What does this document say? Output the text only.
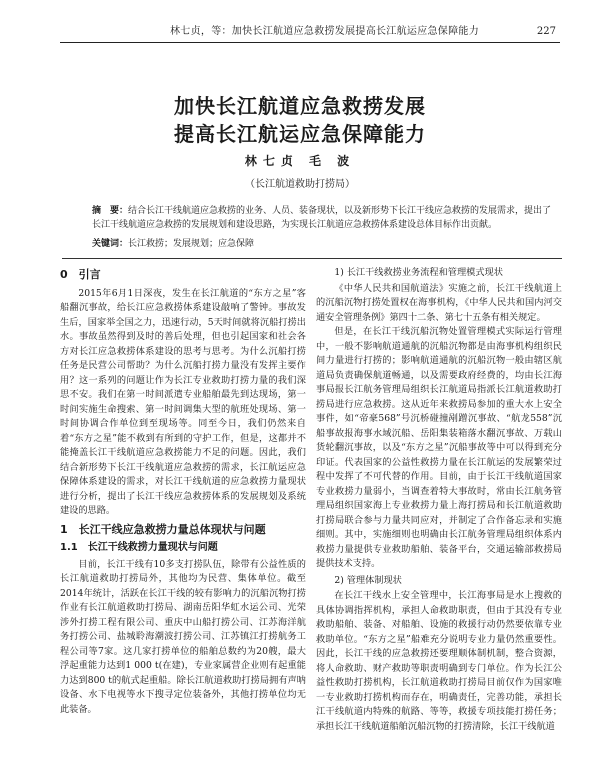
林七贞，等：加快长江航道应急救捞发展提高长江航运应急保障能力	227
加快长江航道应急救捞发展
提高长江航运应急保障能力
林七贞 毛 波
（长江航道救助打捞局）
摘　要：结合长江干线航道应急救捞的业务、人员、装备现状，以及新形势下长江干线应急救捞的发展需求，提出了长江干线航道应急救捞的发展规划和建设思路，为实现长江航道应急救捞体系建设总体目标作出贡献。
关键词：长江救捞；发展规划；应急保障
0　引言

2015年6月1日深夜，发生在长江航道的“东方之星”客船翻沉事故，给长江应急救捞体系建设敲响了警钟。事故发生后，国家举全国之力，迅速行动，5天时间就将沉船打捞出水。事故虽然得到及时的善后处理，但也引起国家和社会各方对长江应急救捞体系建设的思考与思考。为什么沉船打捞任务是民营公司帮助？为什么沉船打捞力量没有发挥主要作用？这一系列的问题让作为长江专业救助打捞力量的我们深思不安。我们在第一时间派遣专业船舶最先到达现场，第一时间实施生命搜索、第一时间调集大型的航班处现场、第一时间协调合作单位到至现场等。同至今日，我们仍然来自着“东方之星”能不救到有所到的守护工作，但是，这都并不能掩盖长江干线航道应急救捞能力不足的问题。因此，我们结合新形势下长江干线航道应急救捞的需求，长江航运应急保障体系建设的需求，对长江干线航道的应急救捞力量现状进行分析，提出了长江干线应急救捞体系的发展规划及系统建设的思路。

1　长江干线应急救捞力量总体现状与问题
1.1　长江干线救捞力量现状与问题

目前，长江干线有10多支打捞队伍，除带有公益性质的长江航道救助打捞局外，其他均为民营、集体单位。截至2014年统计，活跃在长江干线的较有影响力的沉船沉物打捞作业有长江航道救助打捞局、湖南岳阳华虹水运公司、光荣涉外打捞工程有限公司、重庆中山船打捞公司、江苏海洋航务打捞公司、盐城聆海潮波打捞公司、江苏镇江打捞航务工程公司等7家。这几家打捞单位的船舶总数约为20艘，最大浮起重能力达到1 000 t(在建)，专业家属营企业则有起重能力达到800 t的航式起重船。除长江航道救助打捞局拥有声呐设备、水下电视等水下搜寻定位装备外，其他打捞单位均无此装备。

1) 长江干线救捞业务流程和管理模式现状

《中华人民共和国航道法》实施之前，长江干线航道上的沉船沉物打捞处置权在海事机构，《中华人民共和国内河交通安全管理条例》第四十二条、第七十五条有相关规定。

但是，在长江干线沉船沉物处置管理模式实际运行管理中，一般不影响航道通航的沉船沉物都是由海事机构组织民间力量进行打捞的；影响航道通航的沉船沉物一般由辖区航道局负责确保航道畅通，以及需要政府经费的，均由长江海事局报长江航务管理局组织长江航道局指派长江航道救助打捞局进行应急救捞。这从近年来救捞局参加的重大水上安全事件，如“帝豪568”号沉桥碰撞剐蹭沉事故、“航龙558”沉船事故报海事水域沉船、岳阳集装箱落水翻沉事故、万载山货轮翻沉事故，以及“东方之星”沉船事故等中可以得到充分印证。代表国家的公益性救捞力量在长江航运的发展繁荣过程中发挥了不可代替的作用。目前，由于长江干线航道国家专业救捞力量弱小，当调查着特大事故时，常由长江航务管理局组织国家海上专业救捞力量上海打捞局和长江航道救助打捞局联合参与力量共同应对，并制定了合作备忘录和实施细则。其中，实施细则也明确由长江航务管理局组织体系内救捞力量提供专业救助船舶、装备平台，交通运输部救捞局提供技术支持。

2) 管理体制现状

在长江干线水上安全管理中，长江海事局是水上搜救的具体协调指挥机构，承担人命救助职责，但由于其没有专业救助船舶、装备、对船舶、设施的救援行动仍然要依靠专业救助单位。“东方之星”船难充分说明专业力量仍然重要性。因此，长江干线的应急救捞还要理顺体制机制，整合资源，将人命救助、财产救助等职责明确到专门单位。作为长江公益性救助打捞机构，长江航道救助打捞局目前仅作为国家唯一专业救助打捞机构而存在，明确责任，完善功能，承担长江干线航道内特殊的航路、等等，救援专项技能打捞任务；承担长江干线航道船舶沉船沉物的打捞清除，长江干线航道
